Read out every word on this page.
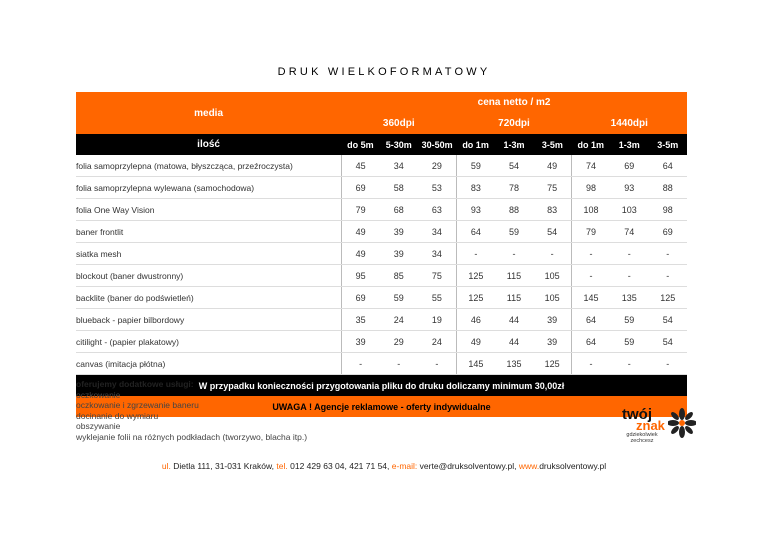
DRUK WIELKOFORMATOWY
media	cena netto / m2								
	360dpi			720dpi			1440dpi		
ilość	do 5m	5-30m	30-50m	do 1m	1-3m	3-5m	do 1m	1-3m	3-5m
folia samoprzylepna (matowa, błyszcząca, przeźroczysta)	45	34	29	59	54	49	74	69	64
folia samoprzylepna wylewana (samochodowa)	69	58	53	83	78	75	98	93	88
folia One Way Vision	79	68	63	93	88	83	108	103	98
baner frontlit	49	39	34	64	59	54	79	74	69
siatka mesh	49	39	34	-	-	-	-	-	-
blockout (baner dwustronny)	95	85	75	125	115	105	-	-	-
backlite (baner do podświetleń)	69	59	55	125	115	105	145	135	125
blueback - papier bilbordowy	35	24	19	46	44	39	64	59	54
citilight - (papier plakatowy)	39	29	24	49	44	39	64	59	54
canvas (imitacja płótna)	-	-	-	145	135	125	-	-	-
W przypadku konieczności przygotowania pliku do druku doliczamy minimum 30,00zł									
UWAGA ! Agencje reklamowe - oferty indywidualne									
oferujemy dodatkowe usługi:
oczkowanie
oczkowanie i zgrzewanie baneru
docinanie do wymiaru
obszywanie
wyklejanie folii na różnych podkładach (tworzywo, blacha itp.)
twój
znak
gdziekolwiek zechcesz
ul. Dietla 111, 31-031 Kraków, tel. 012 429 63 04, 421 71 54, e-mail: verte@druksolventowy.pl, www.druksolventowy.pl
